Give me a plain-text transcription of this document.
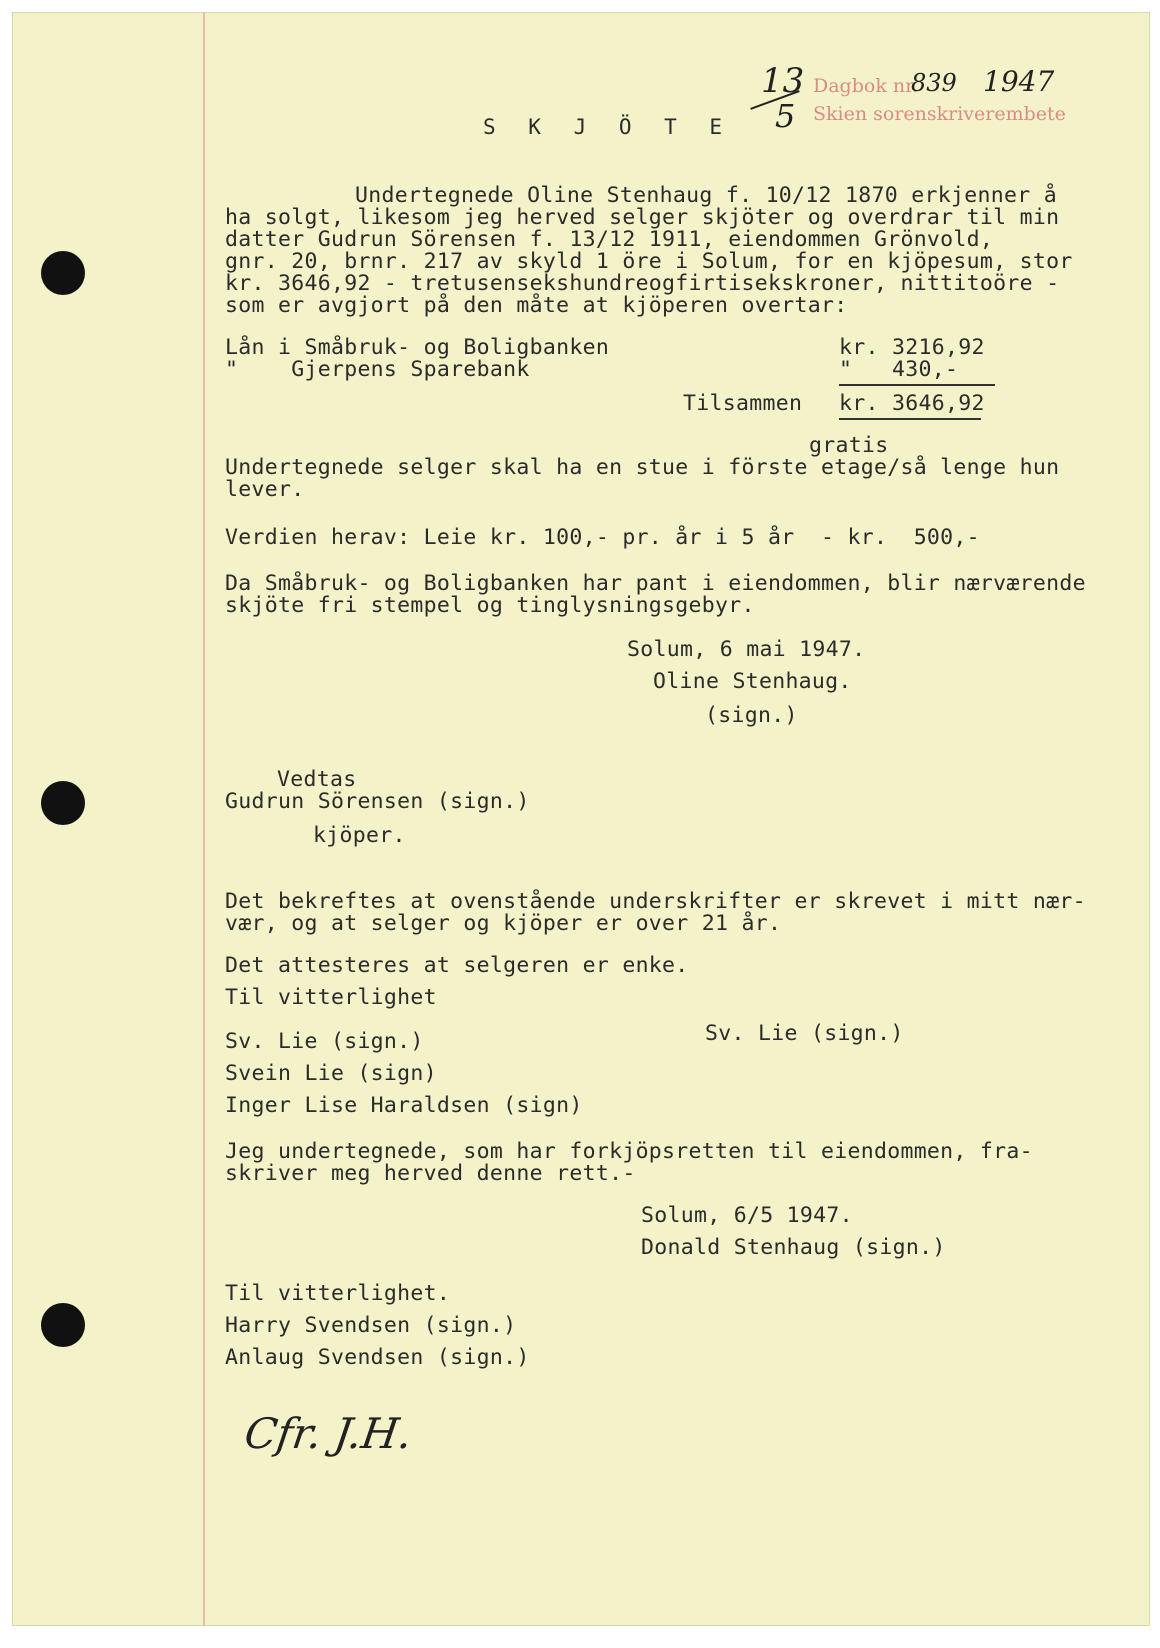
13
5
Dagbok nr.
839 1947
Skien sorenskriverembete
S K J Ö T E
Undertegnede Oline Stenhaug f. 10/12 1870 erkjenner å
ha solgt, likesom jeg herved selger skjöter og overdrar til min
datter Gudrun Sörensen f. 13/12 1911, eiendommen Grönvold,
gnr. 20, brnr. 217 av skyld 1 öre i Solum, for en kjöpesum, stor
kr. 3646,92 - tretusensekshundreogfirtisekskroner, nittitoöre -
som er avgjort på den måte at kjöperen overtar:
Lån i Småbruk- og Boligbanken	kr. 3216,92
"    Gjerpens Sparebank	"   430,-
Tilsammen kr. 3646,92
gratis
Undertegnede selger skal ha en stue i förste etage/så lenge hun
lever.
Verdien herav: Leie kr. 100,- pr. år i 5 år  - kr.  500,-
Da Småbruk- og Boligbanken har pant i eiendommen, blir nærværende
skjöte fri stempel og tinglysningsgebyr.
Solum, 6 mai 1947.
Oline Stenhaug.
(sign.)
Vedtas
Gudrun Sörensen (sign.)
kjöper.
Det bekreftes at ovenstående underskrifter er skrevet i mitt nær-
vær, og at selger og kjöper er over 21 år.
Det attesteres at selgeren er enke.
Til vitterlighet
Sv. Lie (sign.)
Sv. Lie (sign.)
Svein Lie (sign)
Inger Lise Haraldsen (sign)
Jeg undertegnede, som har forkjöpsretten til eiendommen, fra-
skriver meg herved denne rett.-
Solum, 6/5 1947.
Donald Stenhaug (sign.)
Til vitterlighet.
Harry Svendsen (sign.)
Anlaug Svendsen (sign.)
Cfr. J.H.
